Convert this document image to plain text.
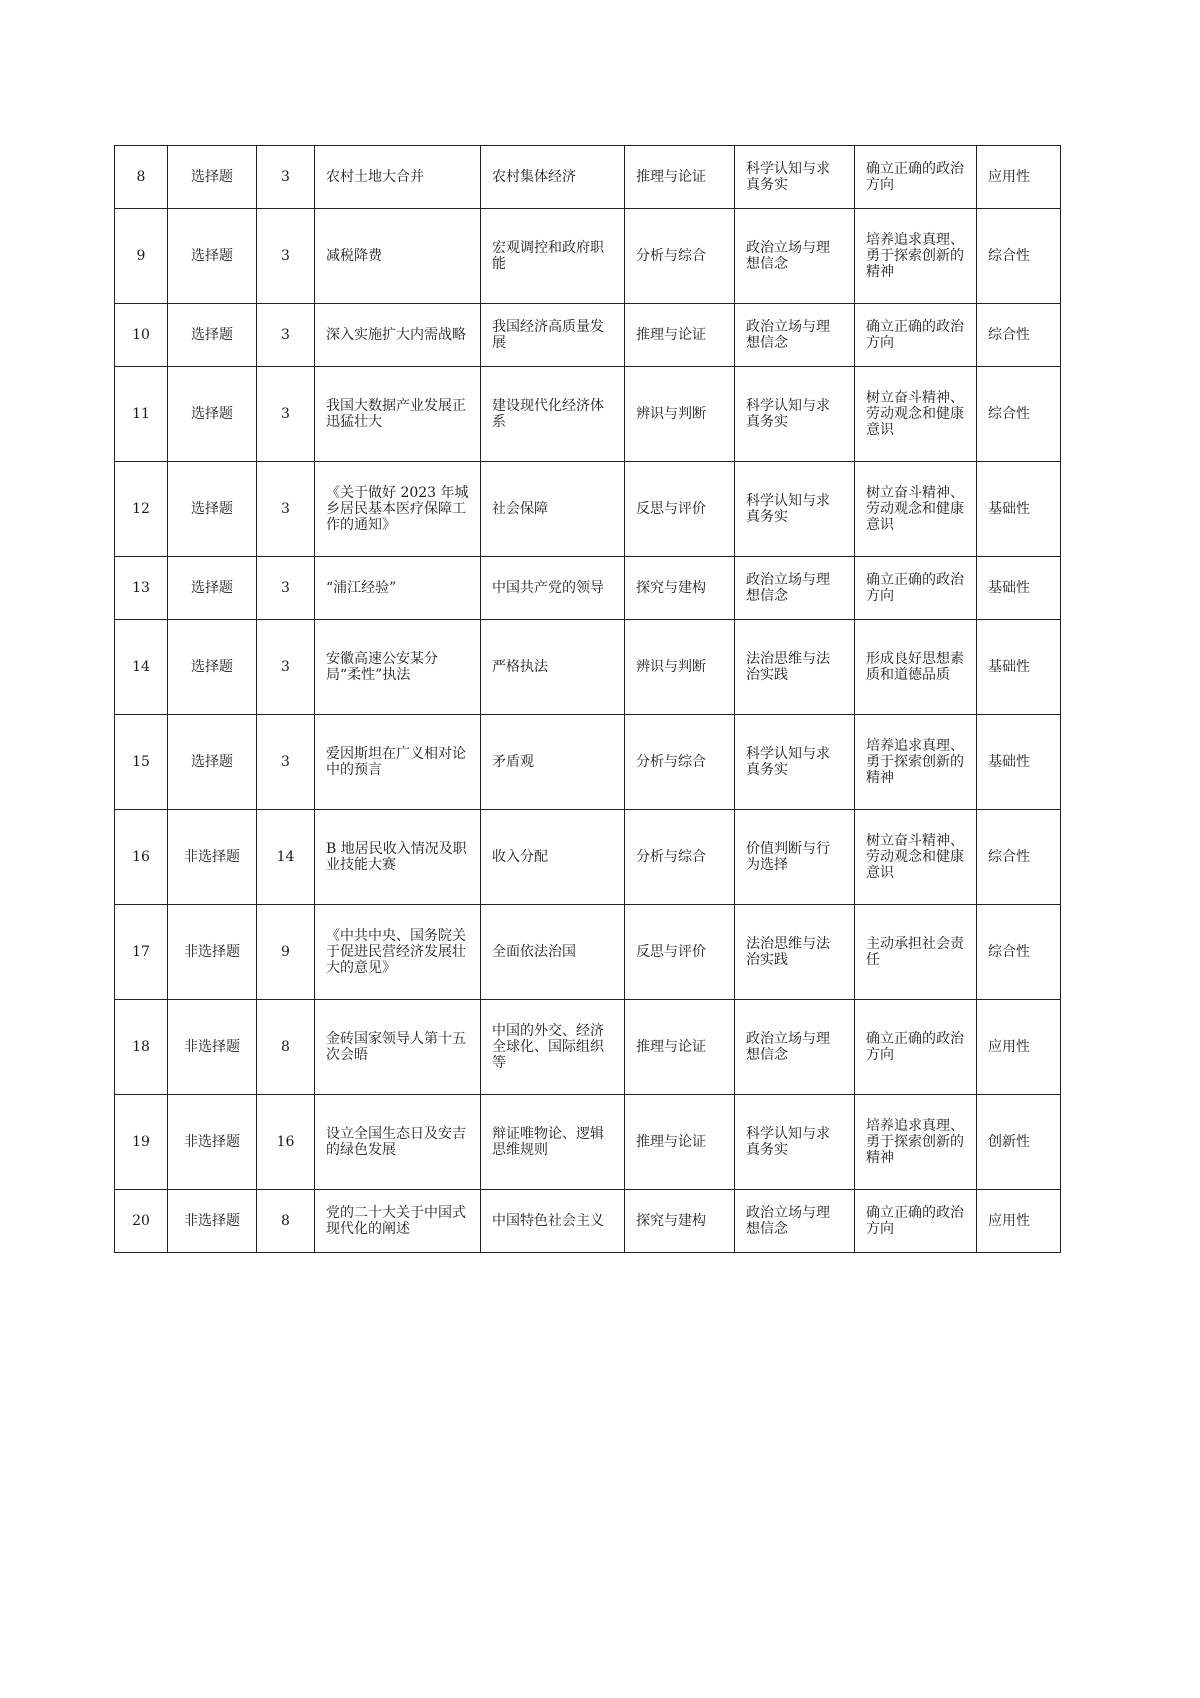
8	选择题	3	农村土地大合并	农村集体经济	推理与论证	科学认知与求真务实	确立正确的政治方向	应用性
9	选择题	3	减税降费	宏观调控和政府职能	分析与综合	政治立场与理想信念	培养追求真理、勇于探索创新的精神	综合性
10	选择题	3	深入实施扩大内需战略	我国经济高质量发展	推理与论证	政治立场与理想信念	确立正确的政治方向	综合性
11	选择题	3	我国大数据产业发展正迅猛壮大	建设现代化经济体系	辨识与判断	科学认知与求真务实	树立奋斗精神、劳动观念和健康意识	综合性
12	选择题	3	《关于做好 2023 年城乡居民基本医疗保障工作的通知》	社会保障	反思与评价	科学认知与求真务实	树立奋斗精神、劳动观念和健康意识	基础性
13	选择题	3	“浦江经验”	中国共产党的领导	探究与建构	政治立场与理想信念	确立正确的政治方向	基础性
14	选择题	3	安徽高速公安某分局“柔性”执法	严格执法	辨识与判断	法治思维与法治实践	形成良好思想素质和道德品质	基础性
15	选择题	3	爱因斯坦在广义相对论中的预言	矛盾观	分析与综合	科学认知与求真务实	培养追求真理、勇于探索创新的精神	基础性
16	非选择题	14	B 地居民收入情况及职业技能大赛	收入分配	分析与综合	价值判断与行为选择	树立奋斗精神、劳动观念和健康意识	综合性
17	非选择题	9	《中共中央、国务院关于促进民营经济发展壮大的意见》	全面依法治国	反思与评价	法治思维与法治实践	主动承担社会责任	综合性
18	非选择题	8	金砖国家领导人第十五次会晤	中国的外交、经济全球化、国际组织等	推理与论证	政治立场与理想信念	确立正确的政治方向	应用性
19	非选择题	16	设立全国生态日及安吉的绿色发展	辩证唯物论、逻辑思维规则	推理与论证	科学认知与求真务实	培养追求真理、勇于探索创新的精神	创新性
20	非选择题	8	党的二十大关于中国式现代化的阐述	中国特色社会主义	探究与建构	政治立场与理想信念	确立正确的政治方向	应用性
